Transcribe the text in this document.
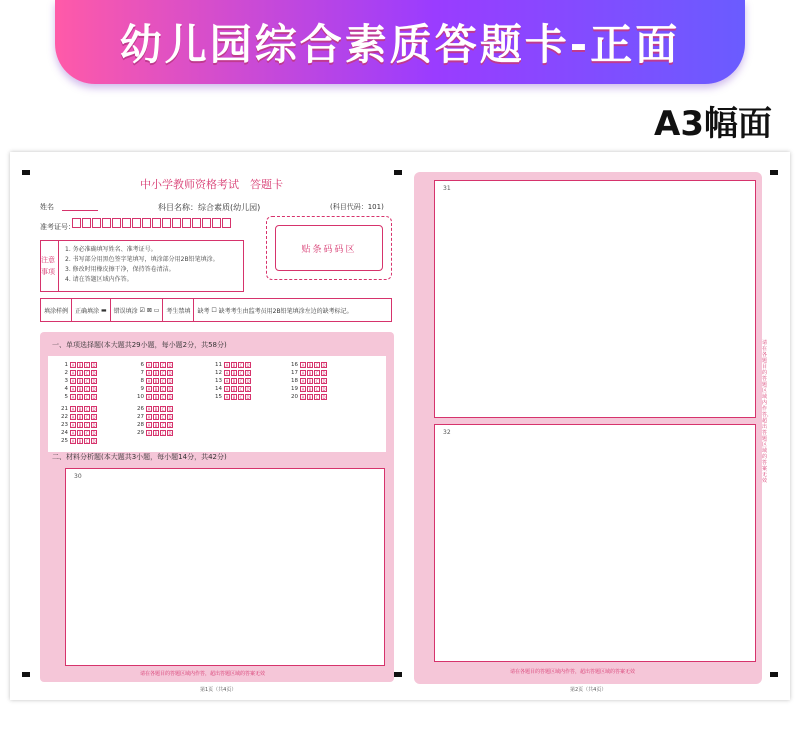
幼儿园综合素质答题卡-正面
A3幅面
中小学教师资格考试　答题卡
姓名	科目名称：综合素质(幼儿园)	(科目代码：101)
准考证号：
注意事项
1. 务必准确填写姓名、准考证号。
2. 书写部分用黑色签字笔填写，填涂部分用2B铅笔填涂。
3. 修改时用橡皮擦干净，保持答卷清洁。
4. 请在答题区域内作答。
贴条码码区
填涂样例	正确填涂 ▬	错误填涂 ☑ ⊠ ▭	考生禁填	缺考 ☐ 缺考考生由监考员用2B铅笔填涂左边的缺考标记。
一、单项选择题(本大题共29小题，每小题2分，共58分)
1 A	B	C	D
2 A	B	C	D
3 A	B	C	D
4 A	B	C	D
5 A	B	C	D
6 A	B	C	D
7 A	B	C	D
8 A	B	C	D
9 A	B	C	D
10 A	B	C	D
11 A	B	C	D
12 A	B	C	D
13 A	B	C	D
14 A	B	C	D
15 A	B	C	D
16 A	B	C	D
17 A	B	C	D
18 A	B	C	D
19 A	B	C	D
20 A	B	C	D
21 A	B	C	D
22 A	B	C	D
23 A	B	C	D
24 A	B	C	D
25 A	B	C	D
26 A	B	C	D
27 A	B	C	D
28 A	B	C	D
29 A	B	C	D
二、材料分析题(本大题共3小题，每小题14分，共42分)
30
请在各题目的答题区域内作答，超出答题区域的答案无效
31
32
请在各题目的答题区域内作答，超出答题区域的答案无效
请在各题目的答题区域内作答，超出答题区域的答案无效
第1页（共4页）	第2页（共4页）
